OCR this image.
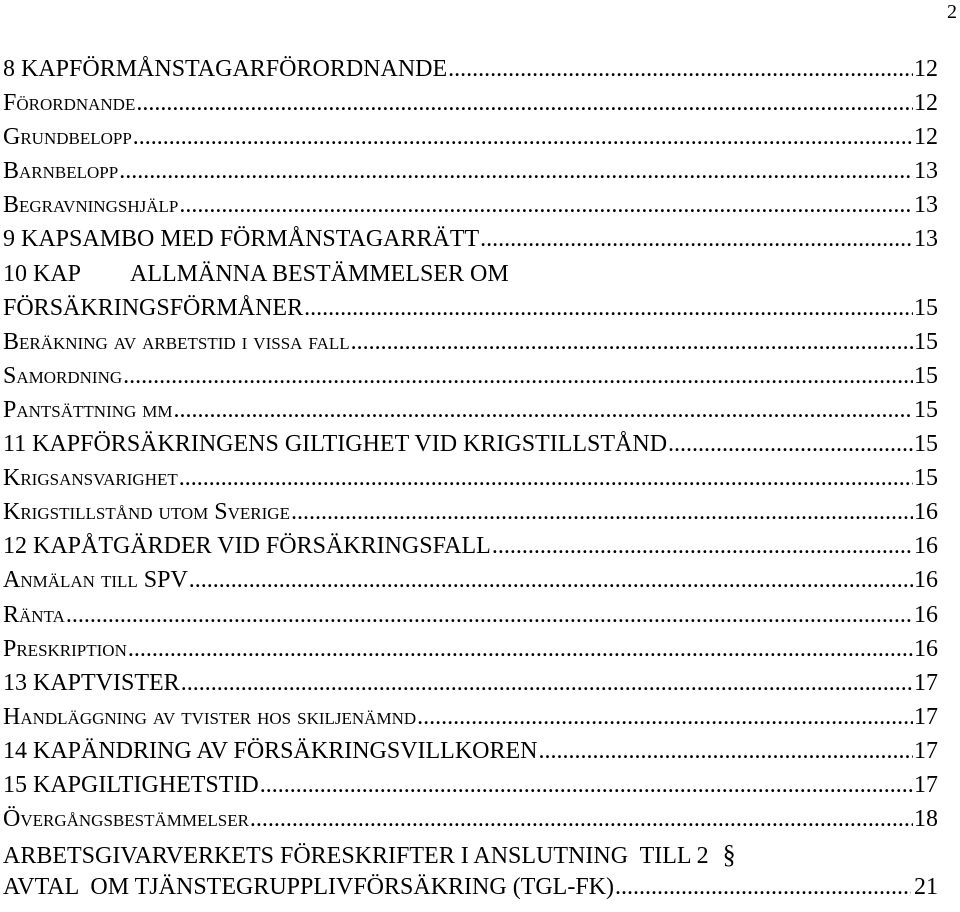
2
8 KAP FÖRMÅNSTAGARFÖRORDNANDE .....	12
Förordnande .....	12
Grundbelopp .....	12
Barnbelopp .....	13
Begravningshjälp .....	13
9 KAP SAMBO MED FÖRMÅNSTAGARRÄTT .....	13
10 KAP	ALLMÄNNA BESTÄMMELSER OM
FÖRSÄKRINGSFÖRMÅNER .....	15
Beräkning av arbetstid i vissa fall .....	15
Samordning .....	15
Pantsättning mm .....	15
11 KAP FÖRSÄKRINGENS GILTIGHET VID KRIGSTILLSTÅND .....	15
Krigsansvarighet .....	15
Krigstillstånd utom Sverige .....	16
12 KAP ÅTGÄRDER VID FÖRSÄKRINGSFALL .....	16
Anmälan till SPV .....	16
Ränta .....	16
Preskription .....	16
13 KAP TVISTER .....	17
Handläggning av tvister hos skiljenämnd .....	17
14 KAP ÄNDRING AV FÖRSÄKRINGSVILLKOREN .....	17
15 KAP GILTIGHETSTID .....	17
Övergångsbestämmelser .....	18
ARBETSGIVARVERKETS FÖRESKRIFTER I ANSLUTNING  TILL 2 §
AVTAL  OM TJÄNSTEGRUPPLIVFÖRSÄKRING (TGL-FK) .....	21
